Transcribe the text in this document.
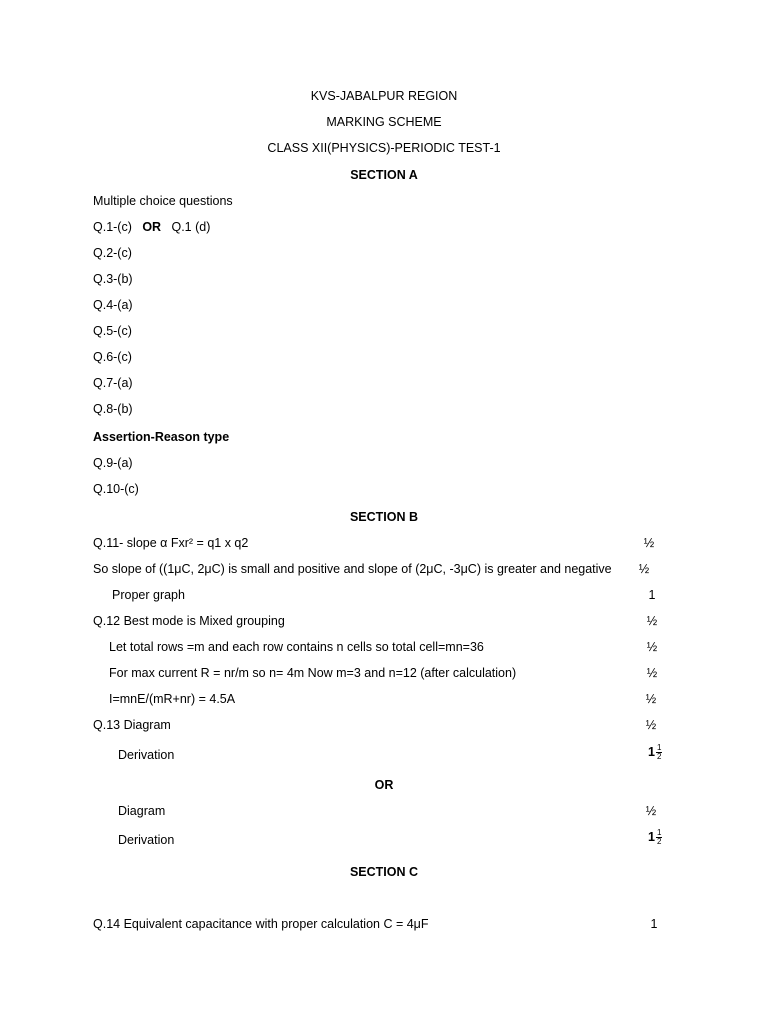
KVS-JABALPUR REGION
MARKING SCHEME
CLASS XII(PHYSICS)-PERIODIC TEST-1
SECTION A
Multiple choice questions
Q.1-(c) OR Q.1 (d)
Q.2-(c)
Q.3-(b)
Q.4-(a)
Q.5-(c)
Q.6-(c)
Q.7-(a)
Q.8-(b)
Assertion-Reason type
Q.9-(a)
Q.10-(c)
SECTION B
Q.11- slope α Fxr² = q1 x q2	½
So slope of ((1μC, 2μC) is small and positive and slope of (2μC, -3μC) is greater and negative	½
Proper graph	1
Q.12 Best mode is Mixed grouping	½
Let total rows =m and each row contains n cells so total cell=mn=36	½
For max current R = nr/m so n= 4m Now m=3 and n=12 (after calculation)	½
I=mnE/(mR+nr) = 4.5A	½
Q.13 Diagram	½
Derivation	$1 \frac{1}{2}$
OR
Diagram	½
Derivation	$1 \frac{1}{2}$
SECTION C
Q.14 Equivalent capacitance with proper calculation C = 4μF	1
